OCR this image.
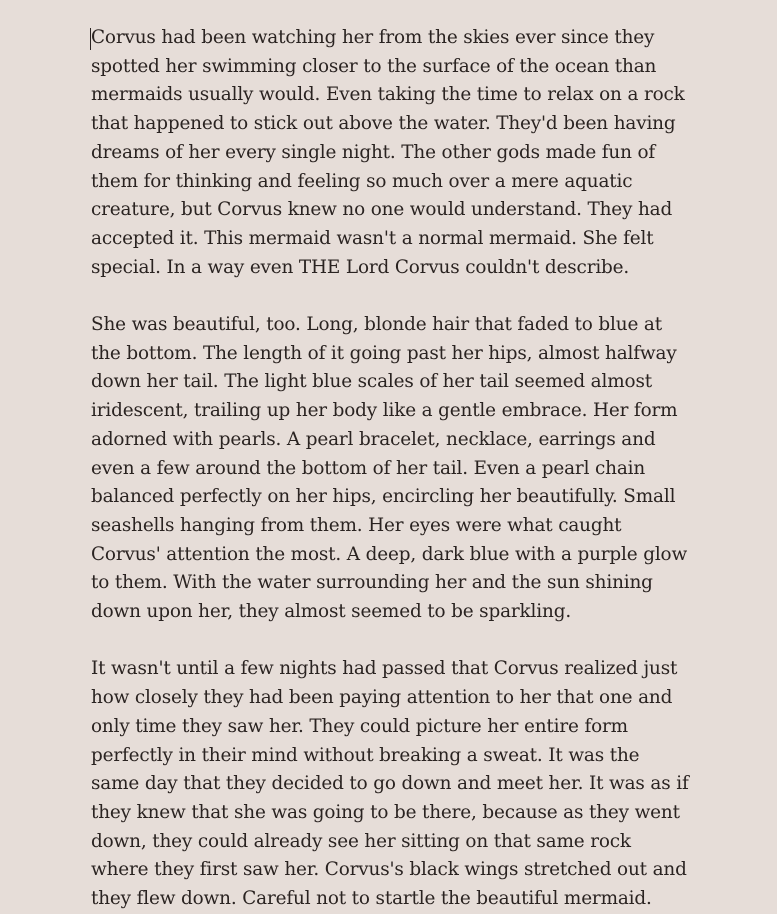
Corvus had been watching her from the skies ever since they spotted her swimming closer to the surface of the ocean than mermaids usually would. Even taking the time to relax on a rock that happened to stick out above the water. They'd been having dreams of her every single night. The other gods made fun of them for thinking and feeling so much over a mere aquatic creature, but Corvus knew no one would understand. They had accepted it. This mermaid wasn't a normal mermaid. She felt special. In a way even THE Lord Corvus couldn't describe.

She was beautiful, too. Long, blonde hair that faded to blue at the bottom. The length of it going past her hips, almost halfway down her tail. The light blue scales of her tail seemed almost iridescent, trailing up her body like a gentle embrace. Her form adorned with pearls. A pearl bracelet, necklace, earrings and even a few around the bottom of her tail. Even a pearl chain balanced perfectly on her hips, encircling her beautifully. Small seashells hanging from them. Her eyes were what caught Corvus' attention the most. A deep, dark blue with a purple glow to them. With the water surrounding her and the sun shining down upon her, they almost seemed to be sparkling.

It wasn't until a few nights had passed that Corvus realized just how closely they had been paying attention to her that one and only time they saw her. They could picture her entire form perfectly in their mind without breaking a sweat. It was the same day that they decided to go down and meet her. It was as if they knew that she was going to be there, because as they went down, they could already see her sitting on that same rock where they first saw her. Corvus's black wings stretched out and they flew down. Careful not to startle the beautiful mermaid.
